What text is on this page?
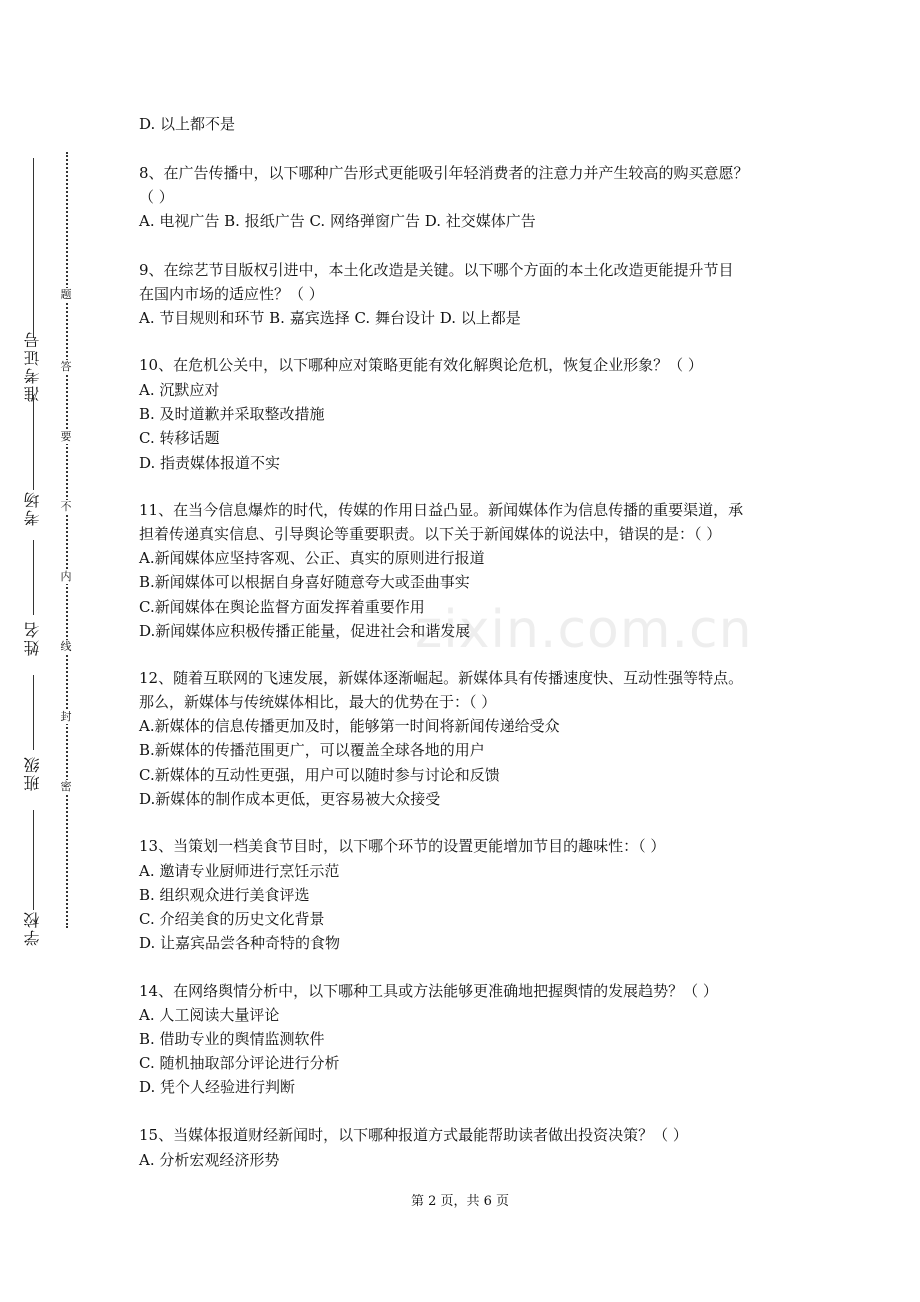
准考证号
考场
姓名
班级
学校
题
答
要
不
内
线
封
密
zixin.com.cn
D. 以上都不是
8、在广告传播中，以下哪种广告形式更能吸引年轻消费者的注意力并产生较高的购买意愿？
（ ）
A. 电视广告 B. 报纸广告 C. 网络弹窗广告 D. 社交媒体广告
9、在综艺节目版权引进中，本土化改造是关键。以下哪个方面的本土化改造更能提升节目
在国内市场的适应性？（ ）
A. 节目规则和环节 B. 嘉宾选择 C. 舞台设计 D. 以上都是
10、在危机公关中，以下哪种应对策略更能有效化解舆论危机，恢复企业形象？（ ）
A. 沉默应对
B. 及时道歉并采取整改措施
C. 转移话题
D. 指责媒体报道不实
11、在当今信息爆炸的时代，传媒的作用日益凸显。新闻媒体作为信息传播的重要渠道，承
担着传递真实信息、引导舆论等重要职责。以下关于新闻媒体的说法中，错误的是：（ ）
A.新闻媒体应坚持客观、公正、真实的原则进行报道
B.新闻媒体可以根据自身喜好随意夸大或歪曲事实
C.新闻媒体在舆论监督方面发挥着重要作用
D.新闻媒体应积极传播正能量，促进社会和谐发展
12、随着互联网的飞速发展，新媒体逐渐崛起。新媒体具有传播速度快、互动性强等特点。
那么，新媒体与传统媒体相比，最大的优势在于：（ ）
A.新媒体的信息传播更加及时，能够第一时间将新闻传递给受众
B.新媒体的传播范围更广，可以覆盖全球各地的用户
C.新媒体的互动性更强，用户可以随时参与讨论和反馈
D.新媒体的制作成本更低，更容易被大众接受
13、当策划一档美食节目时，以下哪个环节的设置更能增加节目的趣味性：（ ）
A. 邀请专业厨师进行烹饪示范
B. 组织观众进行美食评选
C. 介绍美食的历史文化背景
D. 让嘉宾品尝各种奇特的食物
14、在网络舆情分析中，以下哪种工具或方法能够更准确地把握舆情的发展趋势？（ ）
A. 人工阅读大量评论
B. 借助专业的舆情监测软件
C. 随机抽取部分评论进行分析
D. 凭个人经验进行判断
15、当媒体报道财经新闻时，以下哪种报道方式最能帮助读者做出投资决策？（ ）
A. 分析宏观经济形势
第 2 页，共 6 页
